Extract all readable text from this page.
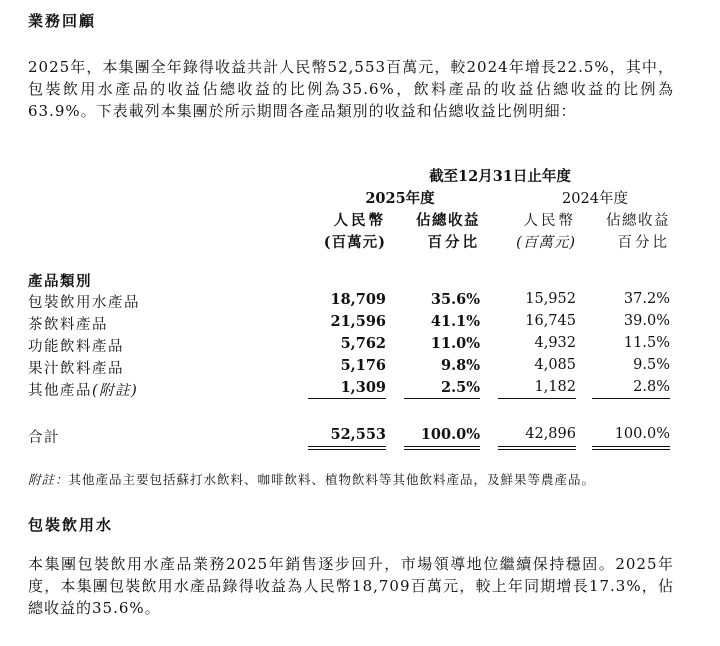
業務回顧

2025年，本集團全年錄得收益共計人民幣52,553百萬元，較2024年增長22.5%，其中，包裝飲用水產品的收益佔總收益的比例為35.6%，飲料產品的收益佔總收益的比例為63.9%。下表載列本集團於所示期間各產品類別的收益和佔總收益比例明細：

截至12月31日止年度
2025年度	2024年度
人民幣	佔總收益	人民幣	佔總收益
(百萬元)	百分比	(百萬元)	百分比
產品類別
包裝飲用水產品	18,709	35.6%	15,952	37.2%
茶飲料產品	21,596	41.1%	16,745	39.0%
功能飲料產品	5,762	11.0%	4,932	11.5%
果汁飲料產品	5,176	9.8%	4,085	9.5%
其他產品(附註)	1,309	2.5%	1,182	2.8%
合計	52,553	100.0%	42,896	100.0%
附註：其他產品主要包括蘇打水飲料、咖啡飲料、植物飲料等其他飲料產品，及鮮果等農產品。
包裝飲用水

本集團包裝飲用水產品業務2025年銷售逐步回升，市場領導地位繼續保持穩固。2025年度，本集團包裝飲用水產品錄得收益為人民幣18,709百萬元，較上年同期增長17.3%，佔總收益的35.6%。
